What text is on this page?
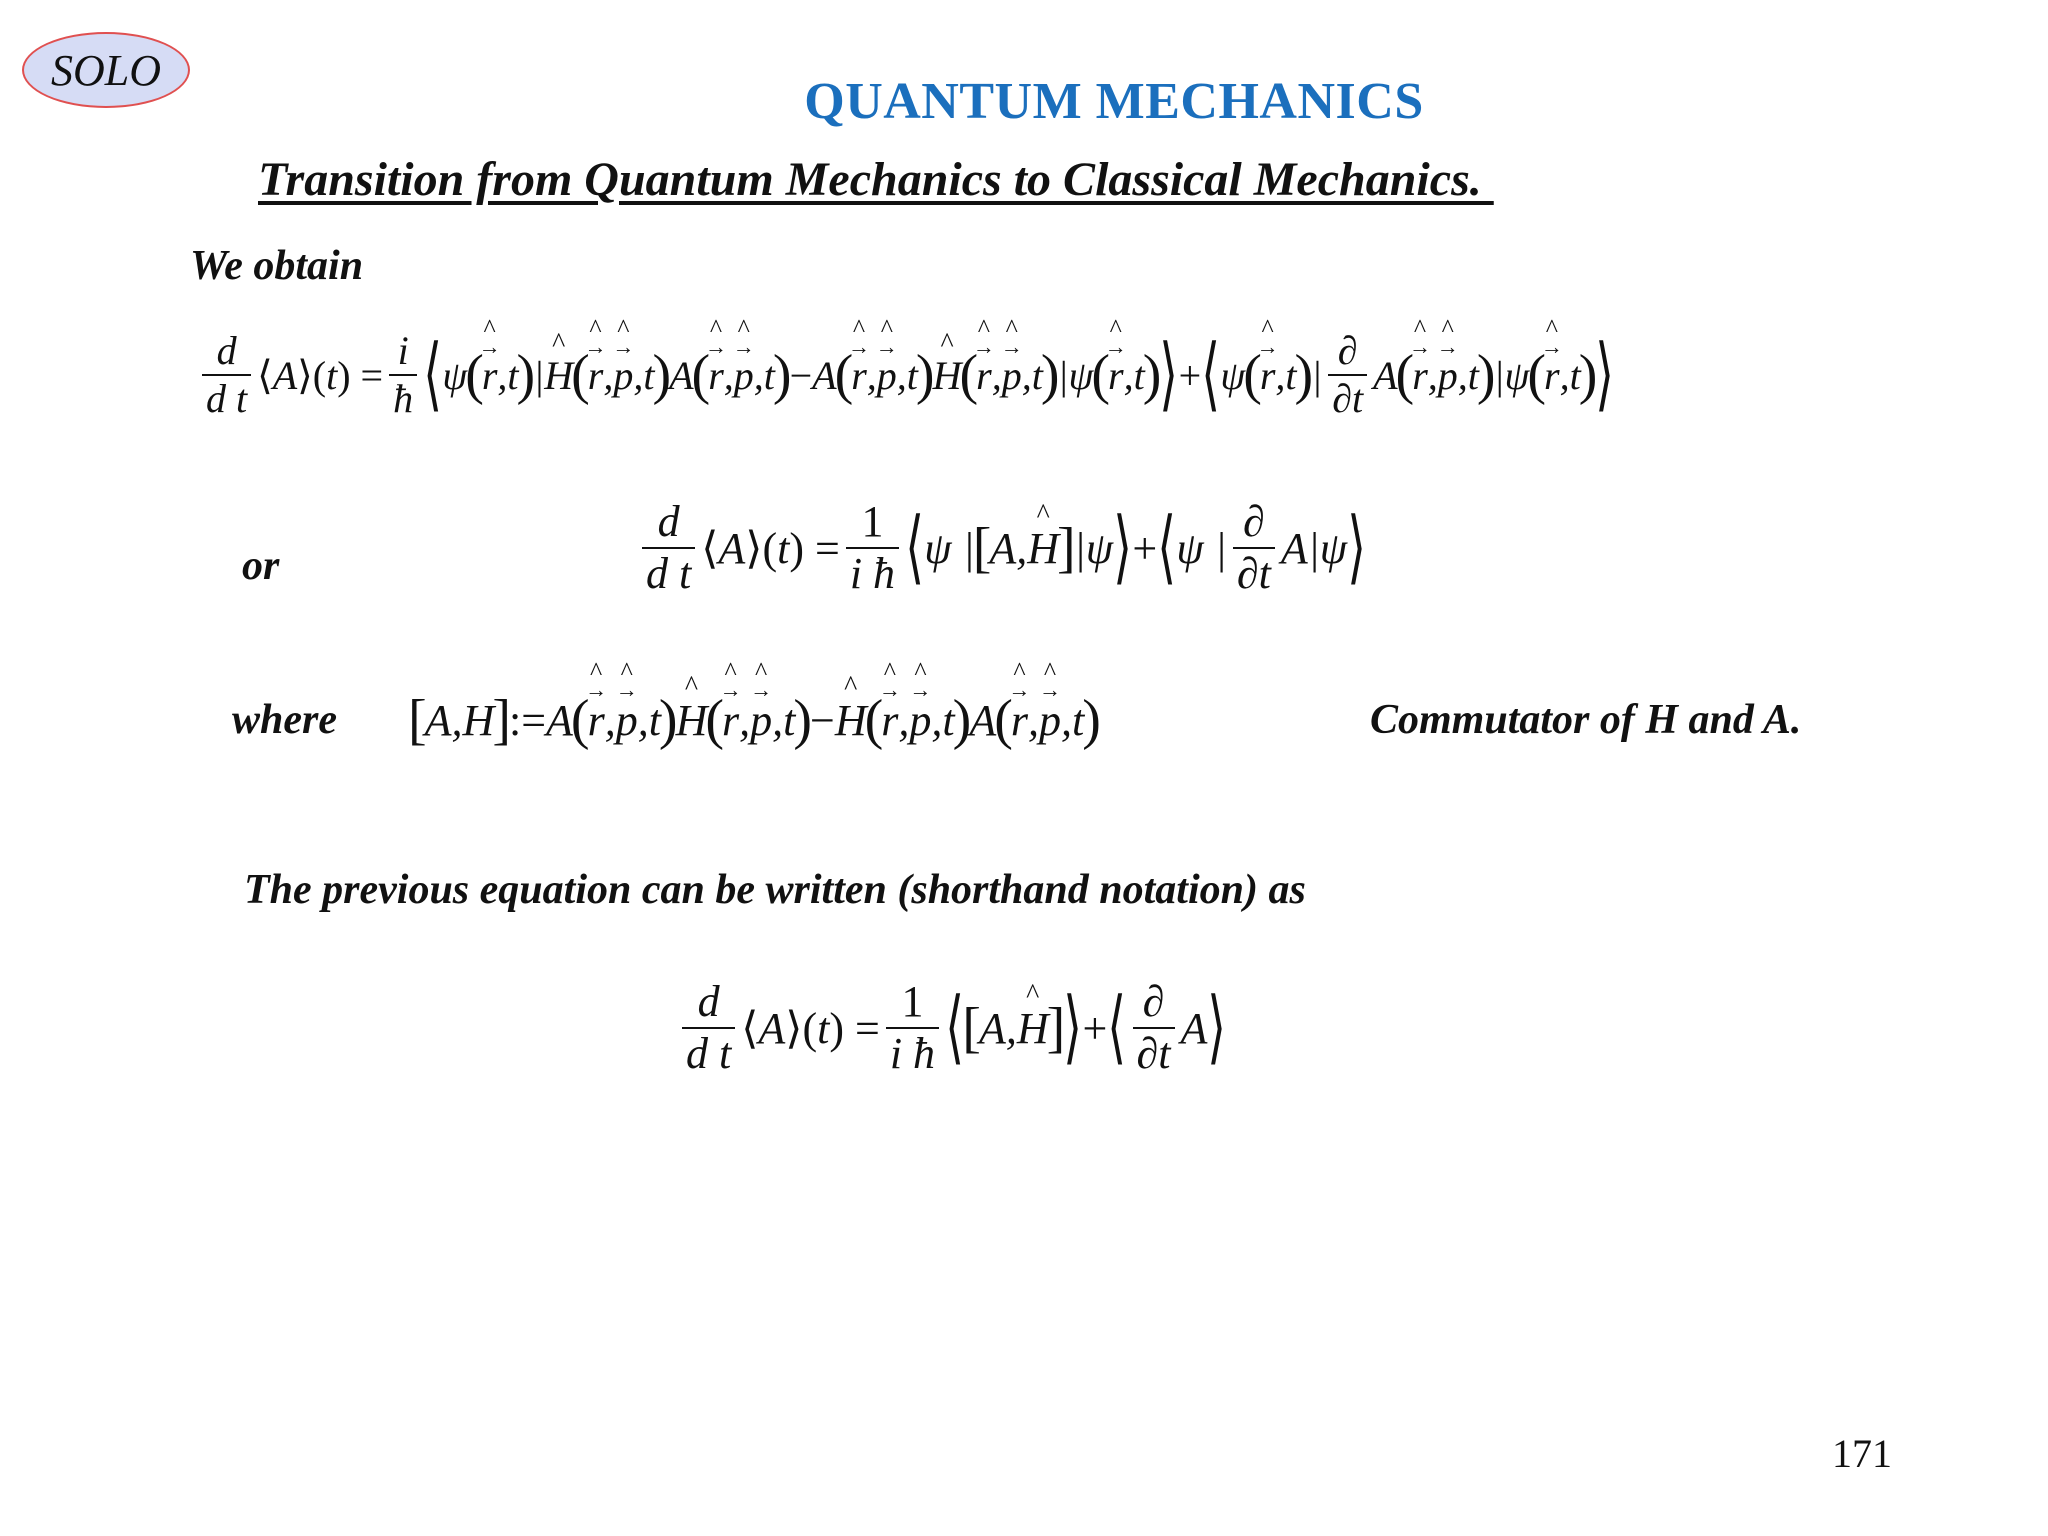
SOLO
QUANTUM MECHANICS
Transition from Quantum Mechanics to Classical Mechanics.
We obtain
$\frac{d}{\text{d t}}$ ⟨ A ⟩( t ) = $\frac{i}{ħ}$ ⟨ ψ
(
→ r ^ ,t
)
| ^ H
(
→ r ^ , → p ^ ,t
)
A
(
→ r ^ , → p ^ ,t
)
− A
(
→ r ^ , → p ^ ,t
)
^ H
(
→ r ^ , → p ^ ,t
)
|ψ
(
→ r ^ ,t
)
⟩ + ⟨ ψ
(
→ r ^ ,t
)
| $\frac{\partial}{\partial t}$ A
(
→ r ^ , → p ^ ,t
)
|ψ
(
→ r ^ ,t
)
⟩
or	$\frac{d}{\text{d t}}$ ⟨ A ⟩( t ) = $\frac{1}{\text{i ħ}}$ ⟨ ψ |
[
A, ^ H
]
|ψ ⟩ + ⟨ ψ | $\frac{\partial}{\partial t} A|\psi$ ⟩
where [
A,H
]
:= A
(
→ r ^ , → p ^ ,t
)
^ H
(
→ r ^ , → p ^ ,t
)
− ^ H
(
→ r ^ , → p ^ ,t
)
A
(
→ r ^ , → p ^ ,t
)	Commutator of H and A.
The previous equation can be written (shorthand notation) as
$\frac{d}{\text{d t}}$ ⟨ A ⟩( t ) = $\frac{1}{\text{i ħ}}$ ⟨
[
A, ^ H
]
⟩ + ⟨ $\frac{\partial}{\partial t}$ A ⟩
171
